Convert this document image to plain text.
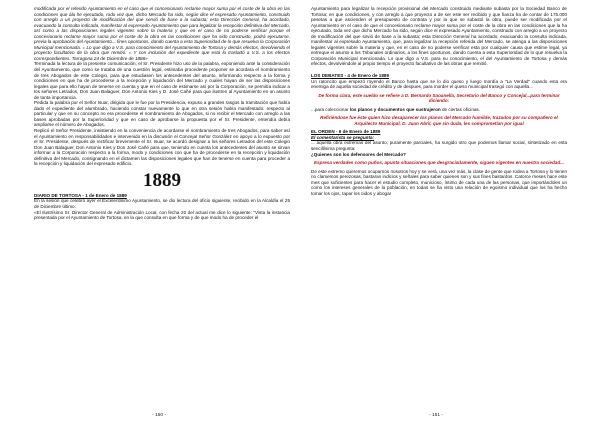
modificada por el referido Ayuntamiento en el caso que el concesionario reclame mayor suma por el coste de la obra en las condiciones que ála he ejecutado, rodo vez que, dicho Mercado ha sido, según dice el expresado Ayuntamiento, construido con arreglo a un proyecto de modificación del que servió de base a la subasta; esta Dirección General, ha acordado, evacuando la consulta indicada, manifestar al expresado Ayuntamiento que para legalizar la recepción definitiva del Mercado, así como a las disposiciones legales vigentes sobre la materia y que en el caso de no poderse verificar porque el concesionario reclame mayor suma por el coste de la obra en las condiciones que ha sido construido, podrá ejecutarse, previa la aprobación del Ayuntamiento... fines oportunos, dando cuenta a esta Superioridad de lo que resuelva la Corporación Municipal mencionada. = Lo que digo a V.S. para conocimiento del Ayuntamiento de Tortosa y demás efectos, devolviendo el proyecto facultativo de la obra que remitió. = Y con inclusión del expediente que está lo trasladó a V.S. a los efectos correspondientes. Tarragona 24 de Diciembre de 1888»

Terminada la lectura de la presente comunicación, el Sr. Presidente hizo uso de la palabra, exponiendo ante la consideración del Ayuntamiento, que como se trataba de una cuestión legal, estimaba procedente proponer se acordara el nombramiento de tres Abogados de este Colegio, para que estudiasen los antecedentes del asunto, informando respecto a la forma y condiciones en que ha de procederse a la recepción y liquidación del Mercado y cuales hayan de ser las disposiciones legales que para ello hayan de tenerse en cuenta y que en el caso de estimarse así por la Corporación, se permitía indicar a los señores Letrados, Don Juan Balaguer, Don Antonio Kies y D. José Cañé para que ilustren al Ayuntamiento en un asunto de tanta importancia.

Pedida la palabra por el Señor Isuar, dirigida que le fue por la Presidencia, expuso a grandes rasgos la tramitación que había dado el expediente del alumbrado, haciendo constar nuevamente lo que en otra sesión había manifestado: respecto al particular y que en su concepto no era procedente el nombramiento de Abogados, si no recibir el Mercado con arreglo a las bases aprobadas por la Superioridad y que en caso de aprobarse la propuesta por el Sr. Presidente, entendía debía ampliarse el número de Abogados.

Replicó el Señor Presidente, insistiendo en la conveniencia de acordarse el nombramiento de tres Abogados, para saber así el Ayuntamiento en responsabilidades e intervenido en la discusión el Concejal Señor González en apoyo a lo expuesto por el Sr. Presidente, después de rectificar brevemente el Sr. Isuar, se acordó designar a los señores Letrados del este Colegio Don Juan Balaguer, Don Antonio Kies y Don José Cañé para que, teniendo en cuenta los antecedentes del asunto se sirvan informar a la Corporación respecto a la forma, modo y condiciones con que ha de procederse en la recepción y liquidación definitiva del Mercado, consignando en el dictamen las disposiciones legales que han de tenerse en cuenta para proceder a la recepción y liquidación del expresado edificio.

1889

DIARIO DE TORTOSA - 1 de Enero de 1889

En la sesión que celebró ayer el Excelentísimo Ayuntamiento, se dio lectura del oficio siguiente, recibido en la Alcaldía el 25 de Diciembre último:

«El Ilustrísimo Sr. Director General de Administración Local, con fecha 20 del actual me dice lo siguiente: "Vista la instancia presentada por el Ayuntamiento de Tortosa, en la que consulta en que forma y de que modo ha de proceder el

Ayuntamiento para legalizar la recepción provisional del Mercado construido mediante subasta por la Sociedad Banco de Tortosa; en que condiciones, y con arreglo a que proyecto a de ser este ser recibido y que fianza ha de contar de 175.000 pesetas a que ascienden el presupuesto de contrata y por la que se subastó la obra, puede ser modificada por el Ayuntamiento en el caso de que el concesionario reclame mayor suma por el coste de la obra en las condiciones que la ha ejecutado, toda vez que dicho Mercado ha sido, según dice el expresado Ayuntamiento, construido con arreglo a un proyecto de modificación del que sirvió de base a la subasta; esta Dirección General ha acordado, evacuando la consulta indicada, manifestar al expresado Ayuntamiento, que, para legalizar la recepción referida del Mercado, se atenga a las disposiciones legales vigentes sobre la materia y que, en el caso de no poderse verificar esta por cualquier causa que estime legal, ya entreque el asunto a los Tribunales ordinarios, a los fines oportunos, dando cuenta a esta Superioridad de lo que resuelva la Corporación Municipal mencionada. Lo que digo a V.S. para su conocimiento, el del Ayuntamiento de Tortosa y demás efectos, devolviéndole al propio tiempo el proyecto facultativo de las obras que remitió.

LOS DEBATES - 4 de Enero de 1889

Un ratoncito que empezó royendo el Banco hasta que se lo dio queso y luego mordía a "La Verdad" cuando esta era enemiga de aquella sociedad de crédito y de despues, para morder el queso municipal trasegó con aquella...

De forma clara, este sueldo se refiere a D. Bernardo Saoanella, Secretario del Banco y Concejal...para terminar diciendo:

...para coleccionar los planos y documentos que sustrajeron de ciertas oficinas.

Refiriéndose fue éste quien hizo desaparecer los planos del Mercado humilde, trazados por su compañero el Arquitecto Municipal, D. Juan Abril, que sin duda, les comprometían por igual

EL ORDEN - 6 de Enero de 1889

El comentarista se pregunta:

... aquella obra extremas del asunto, puramente parciales, ha surgido otro que podemos llamar social, sintetizado en esta sencillísima pregunta:

¿Quienes son los defensores del Mercado?

Espresa verdades como puños, apunta situaciones que desgraciadamente, siguen vigentes en nuestra sociedad...

De este extremo queremos ocuparnos nosotros hoy y se verá, una vez más, la clase de gente que rodea a Tortosa y lo tienen no clamemos perezosas, bastaran indicios y señales para saber quienes son y sus fines bastardos. Catorce meses hace este mes que suficientes para hacer el estudio completo, municioso, íntimo de cada una de las personas, que importándoles un como los intereses generales de la población, en todas se ha visto una relación de egoismo individual que los ha hecho tomar los ojos, tapar los oidos y abogar

- 150 -	- 151 -
